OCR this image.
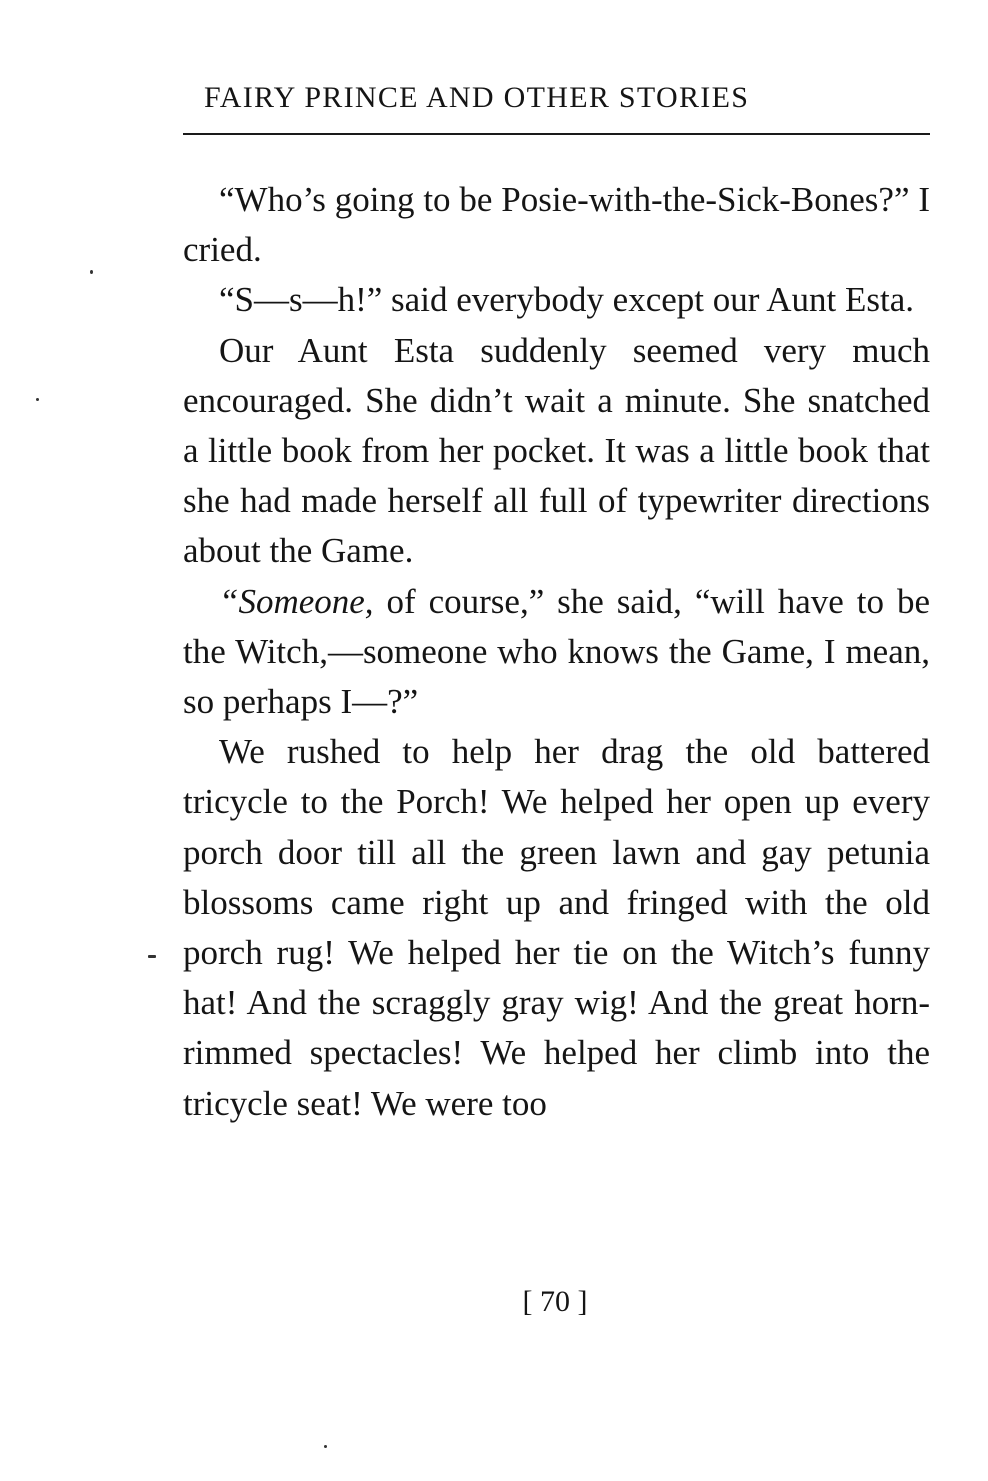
FAIRY PRINCE AND OTHER STORIES

“Who’s going to be Posie-with-the-Sick-Bones?” I cried.

“S—s—h!” said everybody except our Aunt Esta.

Our Aunt Esta suddenly seemed very much encouraged. She didn’t wait a minute. She snatched a little book from her pocket. It was a little book that she had made herself all full of typewriter directions about the Game.

“Someone, of course,” she said, “will have to be the Witch,—someone who knows the Game, I mean, so perhaps I—?”

We rushed to help her drag the old battered tricycle to the Porch! We helped her open up every porch door till all the green lawn and gay petunia blossoms came right up and fringed with the old porch rug! We helped her tie on the Witch’s funny hat! And the scraggly gray wig! And the great horn-rimmed spectacles! We helped her climb into the tricycle seat! We were too

[ 70 ]
